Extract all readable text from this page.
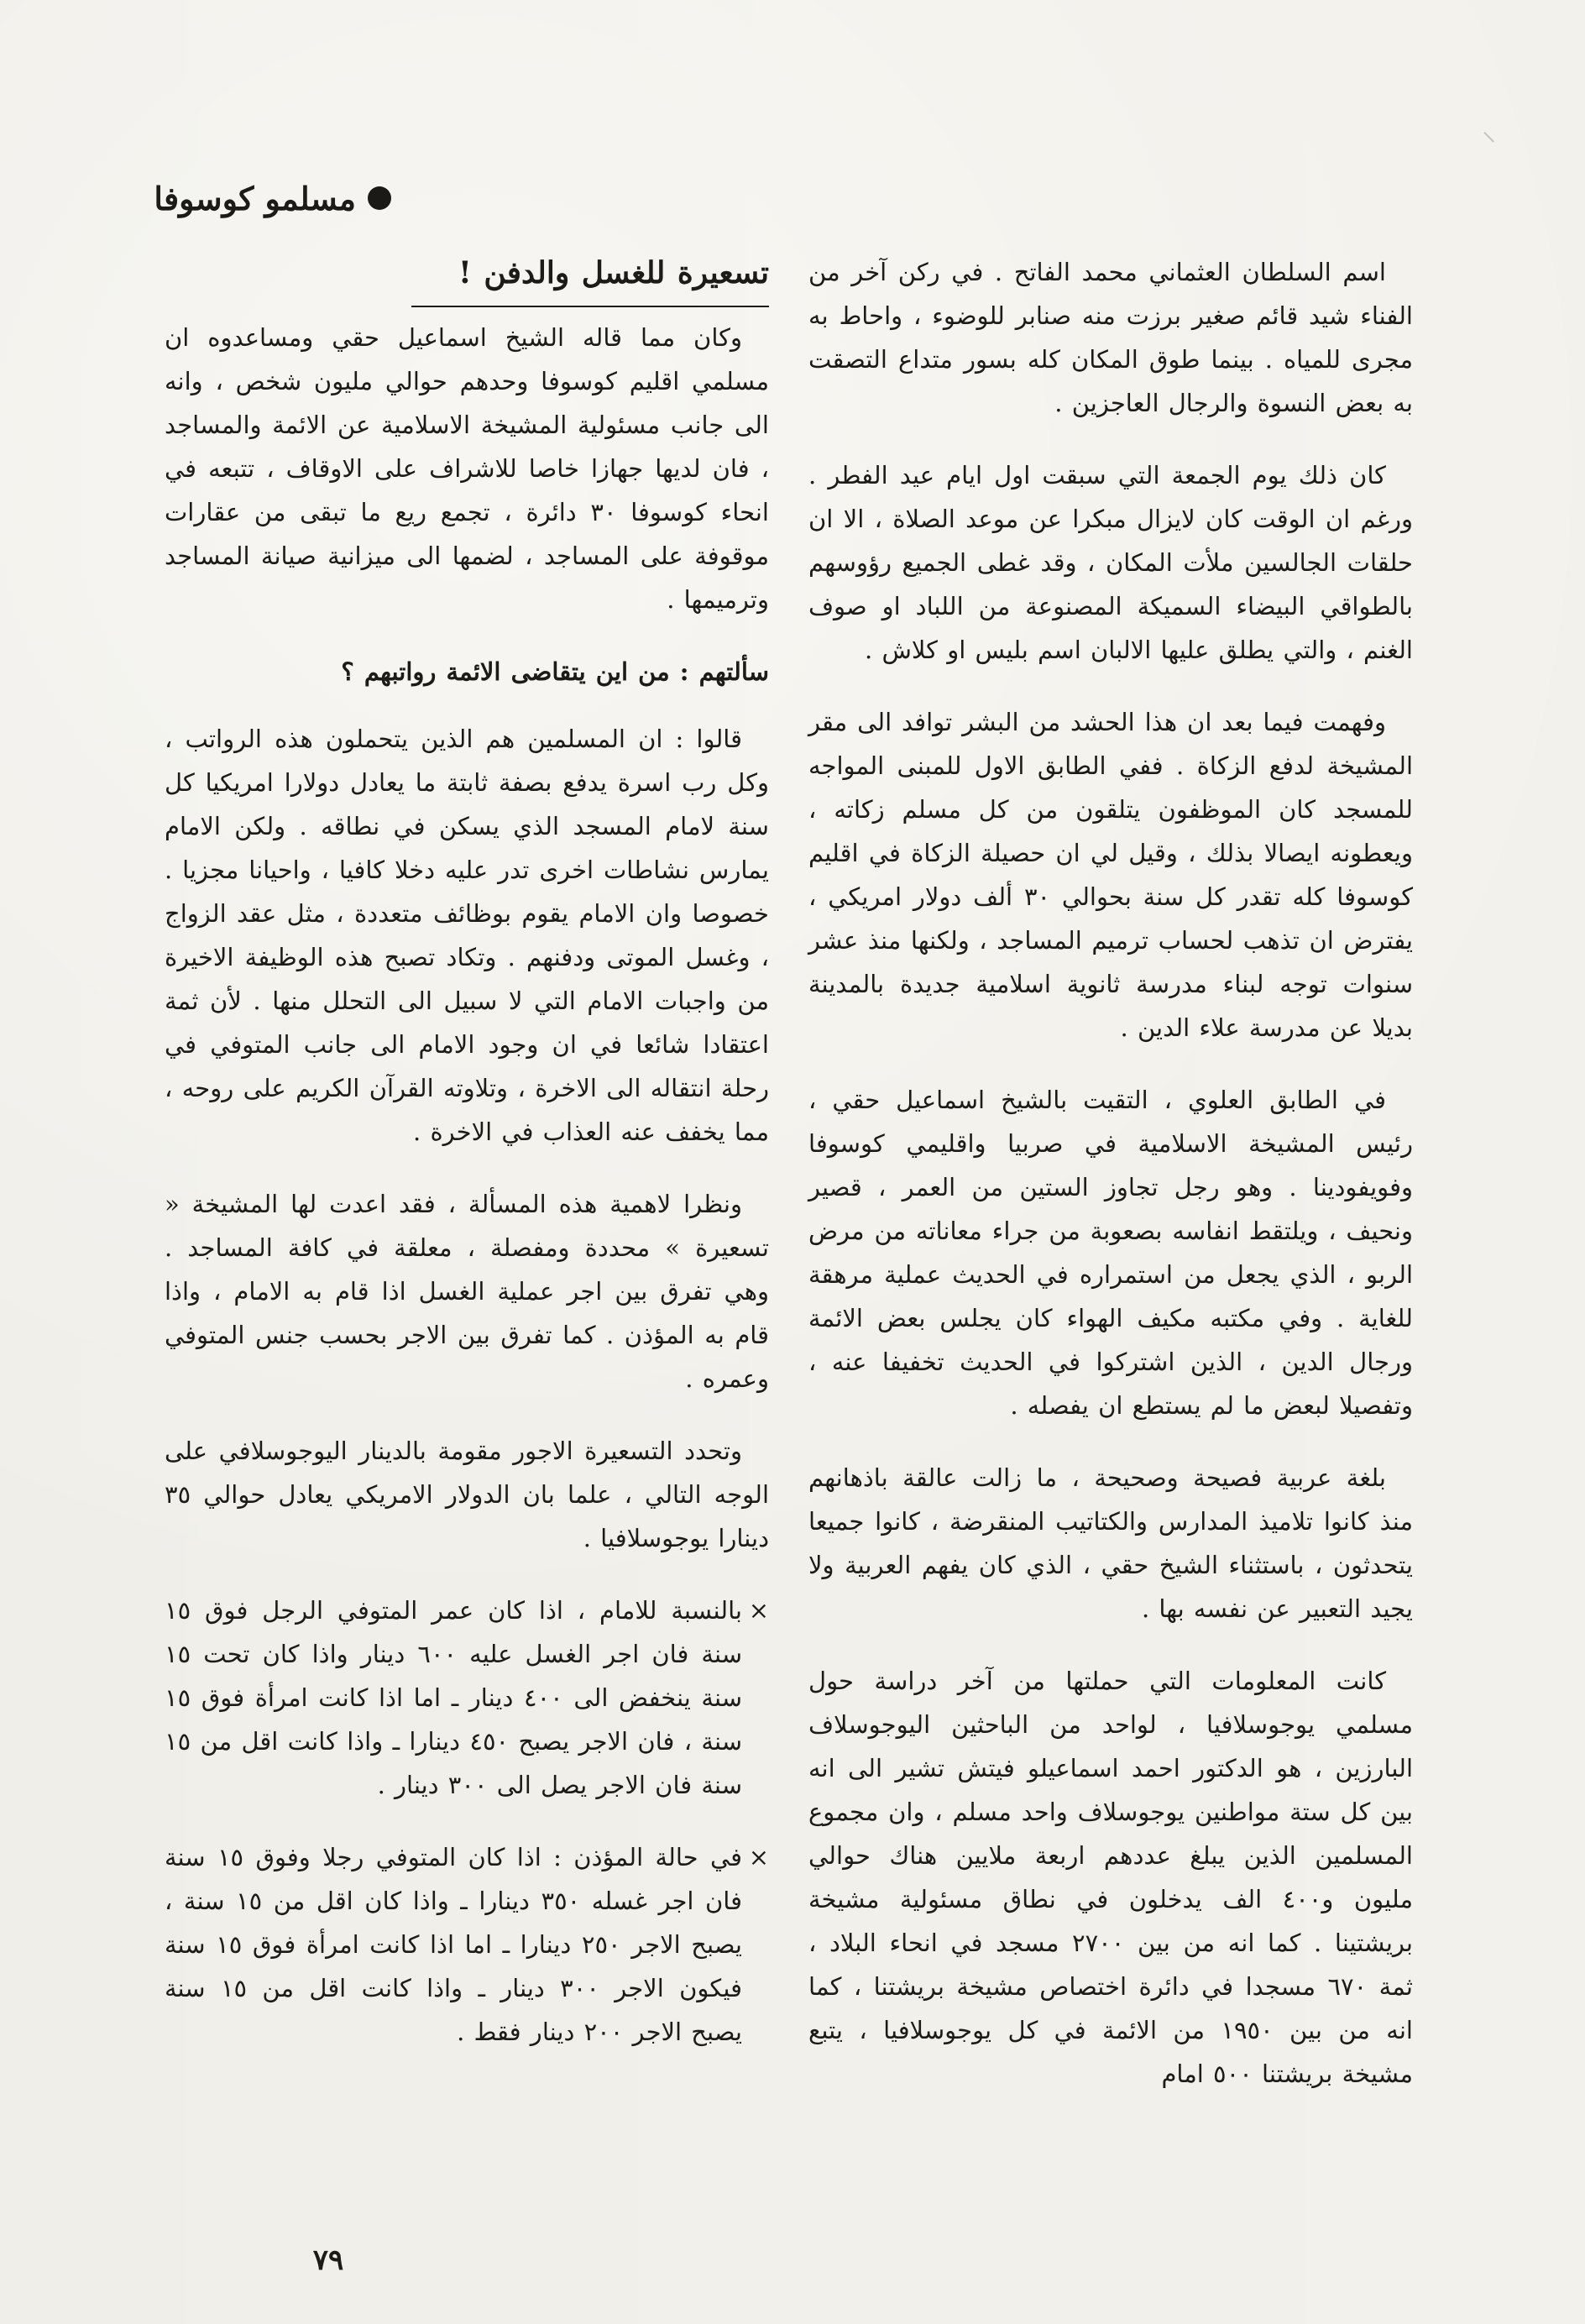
مسلمو كوسوفا

اسم السلطان العثماني محمد الفاتح . في ركن آخر من الفناء شيد قائم صغير برزت منه صنابر للوضوء ، واحاط به مجرى للمياه . بينما طوق المكان كله بسور متداع التصقت به بعض النسوة والرجال العاجزين .

كان ذلك يوم الجمعة التي سبقت اول ايام عيد الفطر . ورغم ان الوقت كان لايزال مبكرا عن موعد الصلاة ، الا ان حلقات الجالسين ملأت المكان ، وقد غطى الجميع رؤوسهم بالطواقي البيضاء السميكة المصنوعة من اللباد او صوف الغنم ، والتي يطلق عليها الالبان اسم بليس او كلاش .

وفهمت فيما بعد ان هذا الحشد من البشر توافد الى مقر المشيخة لدفع الزكاة . ففي الطابق الاول للمبنى المواجه للمسجد كان الموظفون يتلقون من كل مسلم زكاته ، ويعطونه ايصالا بذلك ، وقيل لي ان حصيلة الزكاة في اقليم كوسوفا كله تقدر كل سنة بحوالي ٣٠ ألف دولار امريكي ، يفترض ان تذهب لحساب ترميم المساجد ، ولكنها منذ عشر سنوات توجه لبناء مدرسة ثانوية اسلامية جديدة بالمدينة بديلا عن مدرسة علاء الدين .

في الطابق العلوي ، التقيت بالشيخ اسماعيل حقي ، رئيس المشيخة الاسلامية في صربيا واقليمي كوسوفا وفويفودينا . وهو رجل تجاوز الستين من العمر ، قصير ونحيف ، ويلتقط انفاسه بصعوبة من جراء معاناته من مرض الربو ، الذي يجعل من استمراره في الحديث عملية مرهقة للغاية . وفي مكتبه مكيف الهواء كان يجلس بعض الائمة ورجال الدين ، الذين اشتركوا في الحديث تخفيفا عنه ، وتفصيلا لبعض ما لم يستطع ان يفصله .

بلغة عربية فصيحة وصحيحة ، ما زالت عالقة باذهانهم منذ كانوا تلاميذ المدارس والكتاتيب المنقرضة ، كانوا جميعا يتحدثون ، باستثناء الشيخ حقي ، الذي كان يفهم العربية ولا يجيد التعبير عن نفسه بها .

كانت المعلومات التي حملتها من آخر دراسة حول مسلمي يوجوسلافيا ، لواحد من الباحثين اليوجوسلاف البارزين ، هو الدكتور احمد اسماعيلو فيتش تشير الى انه بين كل ستة مواطنين يوجوسلاف واحد مسلم ، وان مجموع المسلمين الذين يبلغ عددهم اربعة ملايين هناك حوالي مليون و٤٠٠ الف يدخلون في نطاق مسئولية مشيخة بريشتينا . كما انه من بين ٢٧٠٠ مسجد في انحاء البلاد ، ثمة ٦٧٠ مسجدا في دائرة اختصاص مشيخة بريشتنا ، كما انه من بين ١٩٥٠ من الائمة في كل يوجوسلافيا ، يتبع مشيخة بريشتنا ٥٠٠ امام

تسعيرة للغسل والدفن !

وكان مما قاله الشيخ اسماعيل حقي ومساعدوه ان مسلمي اقليم كوسوفا وحدهم حوالي مليون شخص ، وانه الى جانب مسئولية المشيخة الاسلامية عن الائمة والمساجد ، فان لديها جهازا خاصا للاشراف على الاوقاف ، تتبعه في انحاء كوسوفا ٣٠ دائرة ، تجمع ريع ما تبقى من عقارات موقوفة على المساجد ، لضمها الى ميزانية صيانة المساجد وترميمها .

سألتهم : من اين يتقاضى الائمة رواتبهم ؟

قالوا : ان المسلمين هم الذين يتحملون هذه الرواتب ، وكل رب اسرة يدفع بصفة ثابتة ما يعادل دولارا امريكيا كل سنة لامام المسجد الذي يسكن في نطاقه . ولكن الامام يمارس نشاطات اخرى تدر عليه دخلا كافيا ، واحيانا مجزيا . خصوصا وان الامام يقوم بوظائف متعددة ، مثل عقد الزواج ، وغسل الموتى ودفنهم . وتكاد تصبح هذه الوظيفة الاخيرة من واجبات الامام التي لا سبيل الى التحلل منها . لأن ثمة اعتقادا شائعا في ان وجود الامام الى جانب المتوفي في رحلة انتقاله الى الاخرة ، وتلاوته القرآن الكريم على روحه ، مما يخفف عنه العذاب في الاخرة .

ونظرا لاهمية هذه المسألة ، فقد اعدت لها المشيخة « تسعيرة » محددة ومفصلة ، معلقة في كافة المساجد . وهي تفرق بين اجر عملية الغسل اذا قام به الامام ، واذا قام به المؤذن . كما تفرق بين الاجر بحسب جنس المتوفي وعمره .

وتحدد التسعيرة الاجور مقومة بالدينار اليوجوسلافي على الوجه التالي ، علما بان الدولار الامريكي يعادل حوالي ٣٥ دينارا يوجوسلافيا .

×
بالنسبة للامام ، اذا كان عمر المتوفي الرجل فوق ١٥ سنة فان اجر الغسل عليه ٦٠٠ دينار واذا كان تحت ١٥ سنة ينخفض الى ٤٠٠ دينار ـ اما اذا كانت امرأة فوق ١٥ سنة ، فان الاجر يصبح ٤٥٠ دينارا ـ واذا كانت اقل من ١٥ سنة فان الاجر يصل الى ٣٠٠ دينار .

×
في حالة المؤذن : اذا كان المتوفي رجلا وفوق ١٥ سنة فان اجر غسله ٣٥٠ دينارا ـ واذا كان اقل من ١٥ سنة ، يصبح الاجر ٢٥٠ دينارا ـ اما اذا كانت امرأة فوق ١٥ سنة فيكون الاجر ٣٠٠ دينار ـ واذا كانت اقل من ١٥ سنة يصبح الاجر ٢٠٠ دينار فقط .

٧٩
